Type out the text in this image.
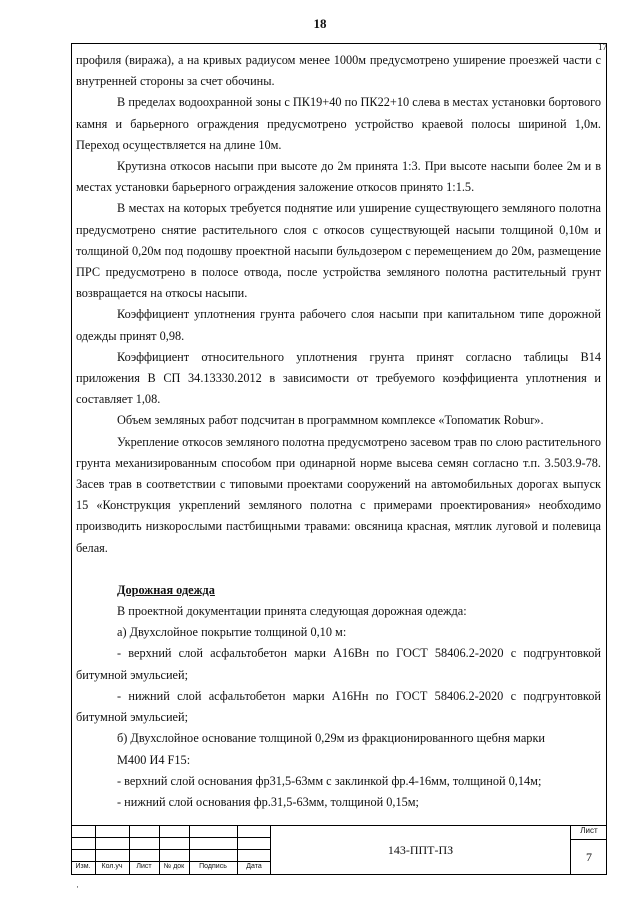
18
17

профиля (виража), а на кривых радиусом менее 1000м предусмотрено уширение проезжей части с внутренней стороны за счет обочины.

В пределах водоохранной зоны с ПК19+40 по ПК22+10 слева в местах установки бортового камня и барьерного ограждения предусмотрено устройство краевой полосы шириной 1,0м. Переход осуществляется на длине 10м.

Крутизна откосов насыпи при высоте до 2м принята 1:3. При высоте насыпи более 2м и в местах установки барьерного ограждения заложение откосов принято 1:1.5.

В местах на которых требуется поднятие или уширение существующего земляного полотна предусмотрено снятие растительного слоя с откосов существующей насыпи толщиной 0,10м и толщиной 0,20м под подошву проектной насыпи бульдозером с перемещением до 20м, размещение ПРС предусмотрено в полосе отвода, после устройства земляного полотна растительный грунт возвращается на откосы насыпи.

Коэффициент уплотнения грунта рабочего слоя насыпи при капитальном типе дорожной одежды принят 0,98.

Коэффициент относительного уплотнения грунта принят согласно таблицы В14 приложения В СП 34.13330.2012 в зависимости от требуемого коэффициента уплотнения и составляет 1,08.

Объем земляных работ подсчитан в программном комплексе «Топоматик Robur».

Укрепление откосов земляного полотна предусмотрено засевом трав по слою растительного грунта механизированным способом при одинарной норме высева семян согласно т.п. 3.503.9-78. Засев трав в соответствии с типовыми проектами сооружений на автомобильных дорогах выпуск 15 «Конструкция укреплений земляного полотна с примерами проектирования» необходимо производить низкорослыми пастбищными травами: овсяница красная, мятлик луговой и полевица белая.

Дорожная одежда

В проектной документации принята следующая дорожная одежда:

а) Двухслойное покрытие толщиной 0,10 м:

- верхний слой асфальтобетон марки А16Вн по ГОСТ 58406.2-2020 с подгрунтовкой битумной эмульсией;

- нижний слой асфальтобетон марки А16Нн по ГОСТ 58406.2-2020 с подгрунтовкой битумной эмульсией;

б) Двухслойное основание толщиной 0,29м из фракционированного щебня марки

М400 И4 F15:

- верхний слой основания фр31,5-63мм с заклинкой фр.4-16мм, толщиной 0,14м;

- нижний слой основания фр.31,5-63мм, толщиной 0,15м;

Изм.	Кол.уч	Лист	№ док	Подпись	Дата
143-ППТ-ПЗ
Лист
7
·
